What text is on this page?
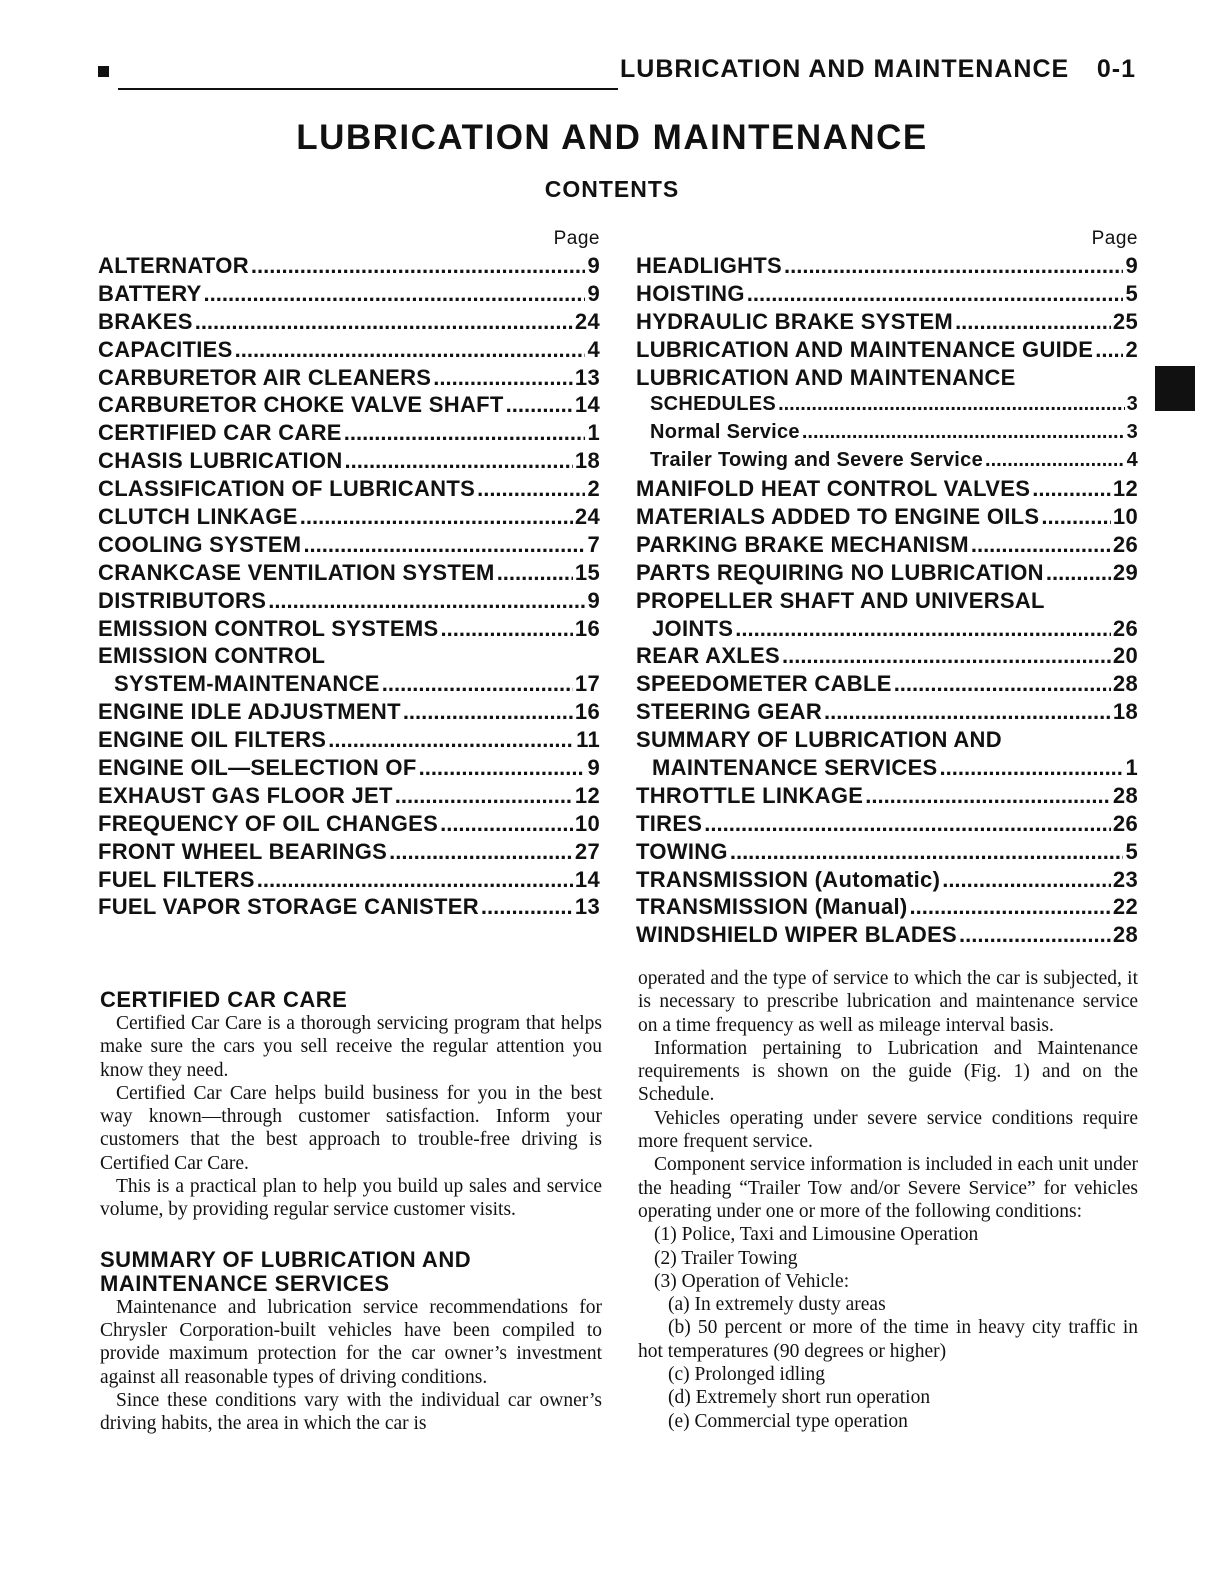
LUBRICATION AND MAINTENANCE 0-1
LUBRICATION AND MAINTENANCE
CONTENTS
Page
ALTERNATOR .....	9
BATTERY .....	9
BRAKES .....	24
CAPACITIES .....	4
CARBURETOR AIR CLEANERS .....	13
CARBURETOR CHOKE VALVE SHAFT .....	14
CERTIFIED CAR CARE .....	1
CHASIS LUBRICATION .....	18
CLASSIFICATION OF LUBRICANTS .....	2
CLUTCH LINKAGE .....	24
COOLING SYSTEM .....	7
CRANKCASE VENTILATION SYSTEM .....	15
DISTRIBUTORS .....	9
EMISSION CONTROL SYSTEMS .....	16
EMISSION CONTROL
SYSTEM-MAINTENANCE .....	17
ENGINE IDLE ADJUSTMENT .....	16
ENGINE OIL FILTERS .....	11
ENGINE OIL—SELECTION OF .....	9
EXHAUST GAS FLOOR JET .....	12
FREQUENCY OF OIL CHANGES .....	10
FRONT WHEEL BEARINGS .....	27
FUEL FILTERS .....	14
FUEL VAPOR STORAGE CANISTER .....	13
Page
HEADLIGHTS .....	9
HOISTING .....	5
HYDRAULIC BRAKE SYSTEM .....	25
LUBRICATION AND MAINTENANCE GUIDE ..... 2
LUBRICATION AND MAINTENANCE
SCHEDULES .....	3
Normal Service .....	3
Trailer Towing and Severe Service .....	4
MANIFOLD HEAT CONTROL VALVES .....	12
MATERIALS ADDED TO ENGINE OILS .....	10
PARKING BRAKE MECHANISM .....	26
PARTS REQUIRING NO LUBRICATION .....	29
PROPELLER SHAFT AND UNIVERSAL
JOINTS .....	26
REAR AXLES .....	20
SPEEDOMETER CABLE .....	28
STEERING GEAR .....	18
SUMMARY OF LUBRICATION AND
MAINTENANCE SERVICES .....	1
THROTTLE LINKAGE .....	28
TIRES .....	26
TOWING .....	5
TRANSMISSION (Automatic) .....	23
TRANSMISSION (Manual) .....	22
WINDSHIELD WIPER BLADES .....	28
CERTIFIED CAR CARE

Certified Car Care is a thorough servicing program that helps make sure the cars you sell receive the regular attention you know they need.

Certified Car Care helps build business for you in the best way known—through customer satisfaction. Inform your customers that the best approach to trouble-free driving is Certified Car Care.

This is a practical plan to help you build up sales and service volume, by providing regular service customer visits.

SUMMARY OF LUBRICATION AND
MAINTENANCE SERVICES

Maintenance and lubrication service recommendations for Chrysler Corporation-built vehicles have been compiled to provide maximum protection for the car owner’s investment against all reasonable types of driving conditions.

Since these conditions vary with the individual car owner’s driving habits, the area in which the car is

operated and the type of service to which the car is subjected, it is necessary to prescribe lubrication and maintenance service on a time frequency as well as mileage interval basis.

Information pertaining to Lubrication and Maintenance requirements is shown on the guide (Fig. 1) and on the Schedule.

Vehicles operating under severe service conditions require more frequent service.

Component service information is included in each unit under the heading “Trailer Tow and/or Severe Service” for vehicles operating under one or more of the following conditions:

(1) Police, Taxi and Limousine Operation

(2) Trailer Towing

(3) Operation of Vehicle:

(a) In extremely dusty areas

(b) 50 percent or more of the time in heavy city traffic in hot temperatures (90 degrees or higher)

(c) Prolonged idling

(d) Extremely short run operation

(e) Commercial type operation
